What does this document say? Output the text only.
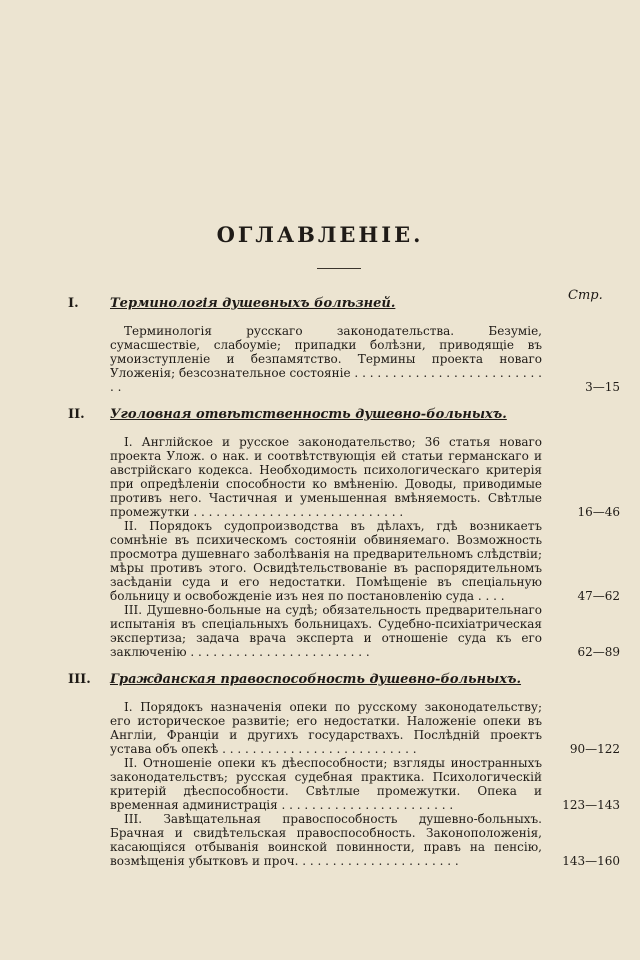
ОГЛАВЛЕНІЕ.
Стр.
I. Терминологія душевныхъ болѣзней.
Терминологія русскаго законодательства. Безуміе, сумасшествіе, слабоуміе; припадки болѣзни, приводящіе въ умоизступленіе и безпамятство. Термины проекта новаго Уложенія; безсознательное состояніе . . . . . . . . . . . . . . . . . . . . . . . . . . .	3—15
II. Уголовная отвѣтственность душевно-больныхъ.
I. Англійское и русское законодательство; 36 статья новаго проекта Улож. о нак. и соотвѣтствующія ей статьи германскаго и австрійскаго кодекса. Необходимость психологическаго критерія при опредѣленіи способности ко вмѣненію. Доводы, приводимые противъ него. Частичная и уменьшенная вмѣняемость. Свѣтлые промежутки . . . . . . . . . . . . . . . . . . . . . . . . . . . .	16—46
II. Порядокъ судопроизводства въ дѣлахъ, гдѣ возникаетъ сомнѣніе въ психическомъ состояніи обвиняемаго. Возможность просмотра душевнаго заболѣванія на предварительномъ слѣдствіи; мѣры противъ этого. Освидѣтельствованіе въ распорядительномъ засѣданіи суда и его недостатки. Помѣщеніе въ спеціальную больницу и освобожденіе изъ нея по постановленію суда . . . .	47—62
III. Душевно-больные на судѣ; обязательность предварительнаго испытанія въ спеціальныхъ больницахъ. Судебно-психіатрическая экспертиза; задача врача эксперта и отношеніе суда къ его заключенію . . . . . . . . . . . . . . . . . . . . . . . .	62—89
III. Гражданская правоспособность душевно-больныхъ.
I. Порядокъ назначенія опеки по русскому законодательству; его историческое развитіе; его недостатки. Наложеніе опеки въ Англіи, Франціи и другихъ государствахъ. Послѣдній проектъ устава объ опекѣ . . . . . . . . . . . . . . . . . . . . . . . . . .	90—122
II. Отношеніе опеки къ дѣеспособности; взгляды иностранныхъ законодательствъ; русская судебная практика. Психологическій критерій дѣеспособности. Свѣтлые промежутки. Опека и временная администрація . . . . . . . . . . . . . . . . . . . . . . .	123—143
III. Завѣщательная правоспособность душевно-больныхъ. Брачная и свидѣтельская правоспособность. Законоположенія, касающіяся отбыванія воинской повинности, правъ на пенсію, возмѣщенія убытковъ и проч. . . . . . . . . . . . . . . . . . . . . .	143—160
